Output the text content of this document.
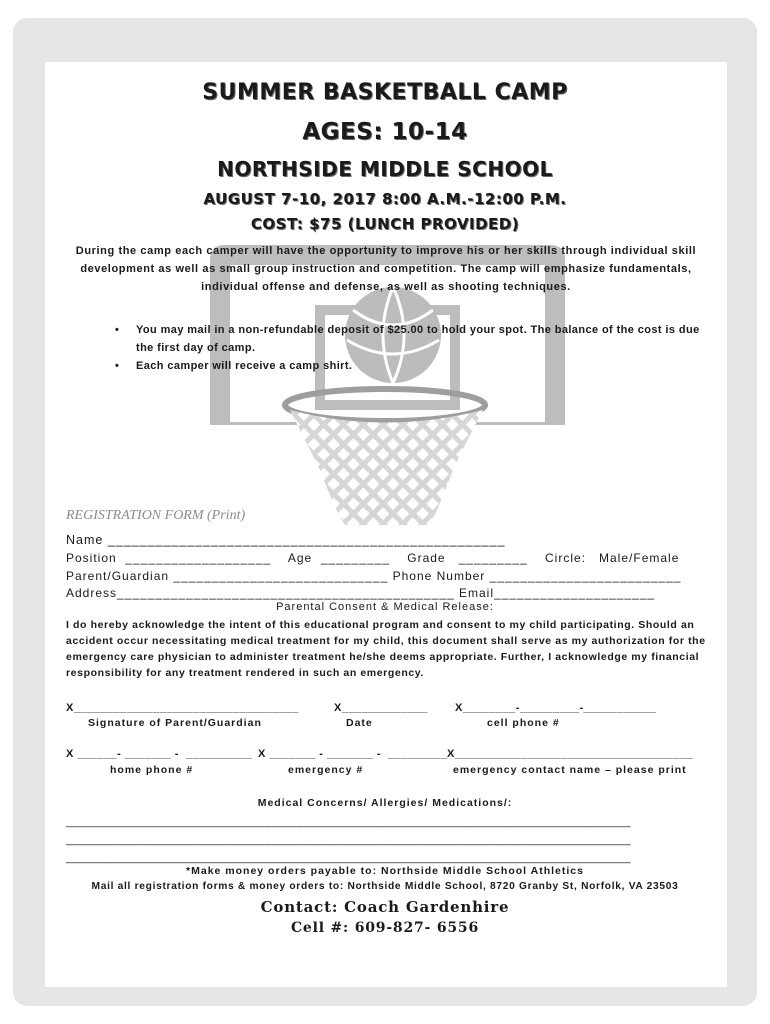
SUMMER BASKETBALL CAMP
AGES: 10-14
NORTHSIDE MIDDLE SCHOOL
AUGUST 7-10, 2017 8:00 A.M.-12:00 P.M.
COST: $75 (LUNCH PROVIDED)
During the camp each camper will have the opportunity to improve his or her skills through individual skill development as well as small group instruction and competition. The camp will emphasize fundamentals, individual offense and defense, as well as shooting techniques.
• You may mail in a non-refundable deposit of $25.00 to hold your spot. The balance of the cost is due the first day of camp.
• Each camper will receive a camp shirt.
REGISTRATION FORM (Print)
Name __________________________________________________
Position  ___________________    Age  _________    Grade   _________    Circle:   Male/Female
Parent/Guardian ____________________________ Phone Number _________________________
Address____________________________________________ Email_____________________
Parental Consent & Medical Release:
I do hereby acknowledge the intent of this educational program and consent to my child participating. Should an accident occur necessitating medical treatment for my child, this document shall serve as my authorization for the emergency care physician to administer treatment he/she deems appropriate. Further, I acknowledge my financial responsibility for any treatment rendered in such an emergency.
X__________________________________	X_____________ X________-_________-___________
Signature of Parent/Guardian	Date	cell phone #
X ______- _______ -  __________ X _______ - _______ -  _________ X____________________________________
home phone #	emergency #	emergency contact name – please print
Medical Concerns/ Allergies/ Medications/:
________________________________________________________________________________________
________________________________________________________________________________________
________________________________________________________________________________________
*Make money orders payable to: Northside Middle School Athletics
Mail all registration forms & money orders to: Northside Middle School, 8720 Granby St, Norfolk, VA 23503
Contact: Coach Gardenhire
Cell #: 609-827- 6556
